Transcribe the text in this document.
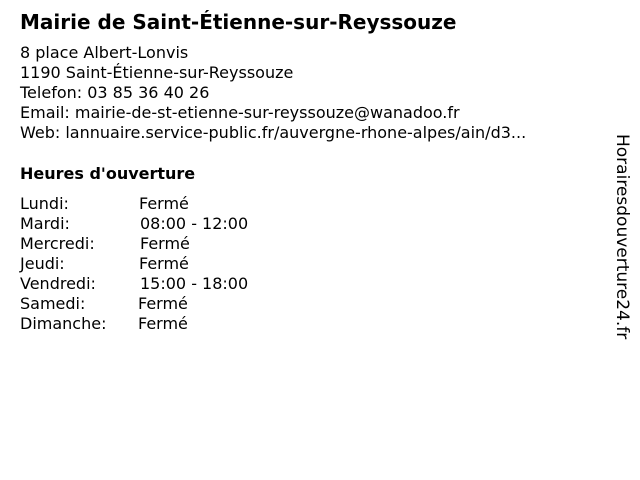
Mairie de Saint-Étienne-sur-Reyssouze
8 place Albert-Lonvis
1190 Saint-Étienne-sur-Reyssouze
Telefon: 03 85 36 40 26
Email: mairie-de-st-etienne-sur-reyssouze@wanadoo.fr
Web: lannuaire.service-public.fr/auvergne-rhone-alpes/ain/d3...
Heures d'ouverture
Lundi:	Fermé
Mardi:	08:00 - 12:00
Mercredi:	Fermé
Jeudi:	Fermé
Vendredi:	15:00 - 18:00
Samedi:	Fermé
Dimanche: Fermé	Horairesdouverture24.fr
